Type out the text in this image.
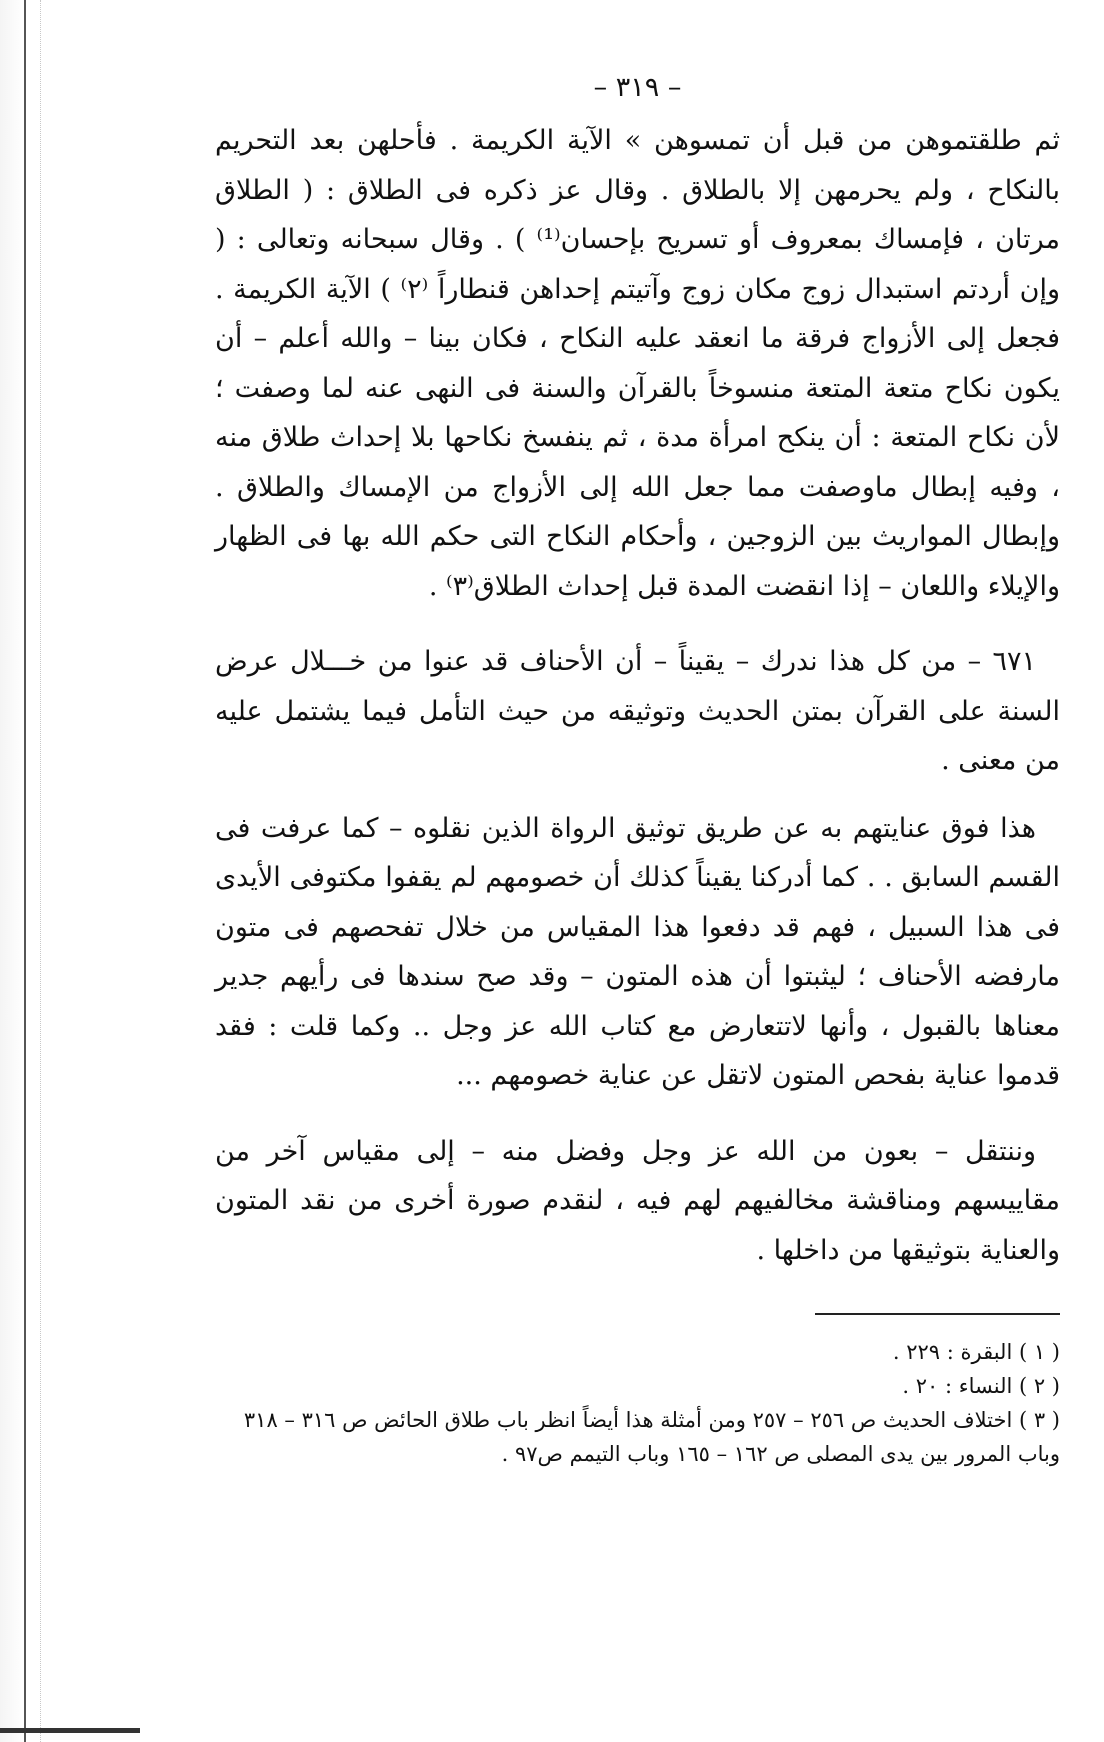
– ٣١٩ –

ثم طلقتموهن من قبل أن تمسوهن » الآية الكريمة . فأحلهن بعد التحريم بالنكاح ، ولم يحرمهن إلا بالطلاق . وقال عز ذكره فى الطلاق : ( الطلاق مرتان ، فإمساك بمعروف أو تسريح بإحسان⁽¹⁾ ) . وقال سبحانه وتعالى : ( وإن أردتم استبدال زوج مكان زوج وآتيتم إحداهن قنطاراً ⁽٢⁾ ) الآية الكريمة . فجعل إلى الأزواج فرقة ما انعقد عليه النكاح ، فكان بينا – والله أعلم – أن يكون نكاح متعة المتعة منسوخاً بالقرآن والسنة فى النهى عنه لما وصفت ؛ لأن نكاح المتعة : أن ينكح امرأة مدة ، ثم ينفسخ نكاحها بلا إحداث طلاق منه ، وفيه إبطال ماوصفت مما جعل الله إلى الأزواج من الإمساك والطلاق . وإبطال المواريث بين الزوجين ، وأحكام النكاح التى حكم الله بها فى الظهار والإيلاء واللعان – إذا انقضت المدة قبل إحداث الطلاق⁽٣⁾ .

٦٧١ – من كل هذا ندرك – يقيناً – أن الأحناف قد عنوا من خـــلال عرض السنة على القرآن بمتن الحديث وتوثيقه من حيث التأمل فيما يشتمل عليه من معنى .

هذا فوق عنايتهم به عن طريق توثيق الرواة الذين نقلوه – كما عرفت فى القسم السابق . . كما أدركنا يقيناً كذلك أن خصومهم لم يقفوا مكتوفى الأيدى فى هذا السبيل ، فهم قد دفعوا هذا المقياس من خلال تفحصهم فى متون مارفضه الأحناف ؛ ليثبتوا أن هذه المتون – وقد صح سندها فى رأيهم جدير معناها بالقبول ، وأنها لاتتعارض مع كتاب الله عز وجل .. وكما قلت : فقد قدموا عناية بفحص المتون لاتقل عن عناية خصومهم ...

وننتقل – بعون من الله عز وجل وفضل منه – إلى مقياس آخر من مقاييسهم ومناقشة مخالفيهم لهم فيه ، لنقدم صورة أخرى من نقد المتون والعناية بتوثيقها من داخلها .

( ١ ) البقرة : ٢٢٩ .

( ٢ ) النساء : ٢٠ .

( ٣ ) اختلاف الحديث ص ٢٥٦ – ٢٥٧ ومن أمثلة هذا أيضاً انظر باب طلاق الحائض ص ٣١٦ – ٣١٨ وباب المرور بين يدى المصلى ص ١٦٢ – ١٦٥ وباب التيمم ص٩٧ .
